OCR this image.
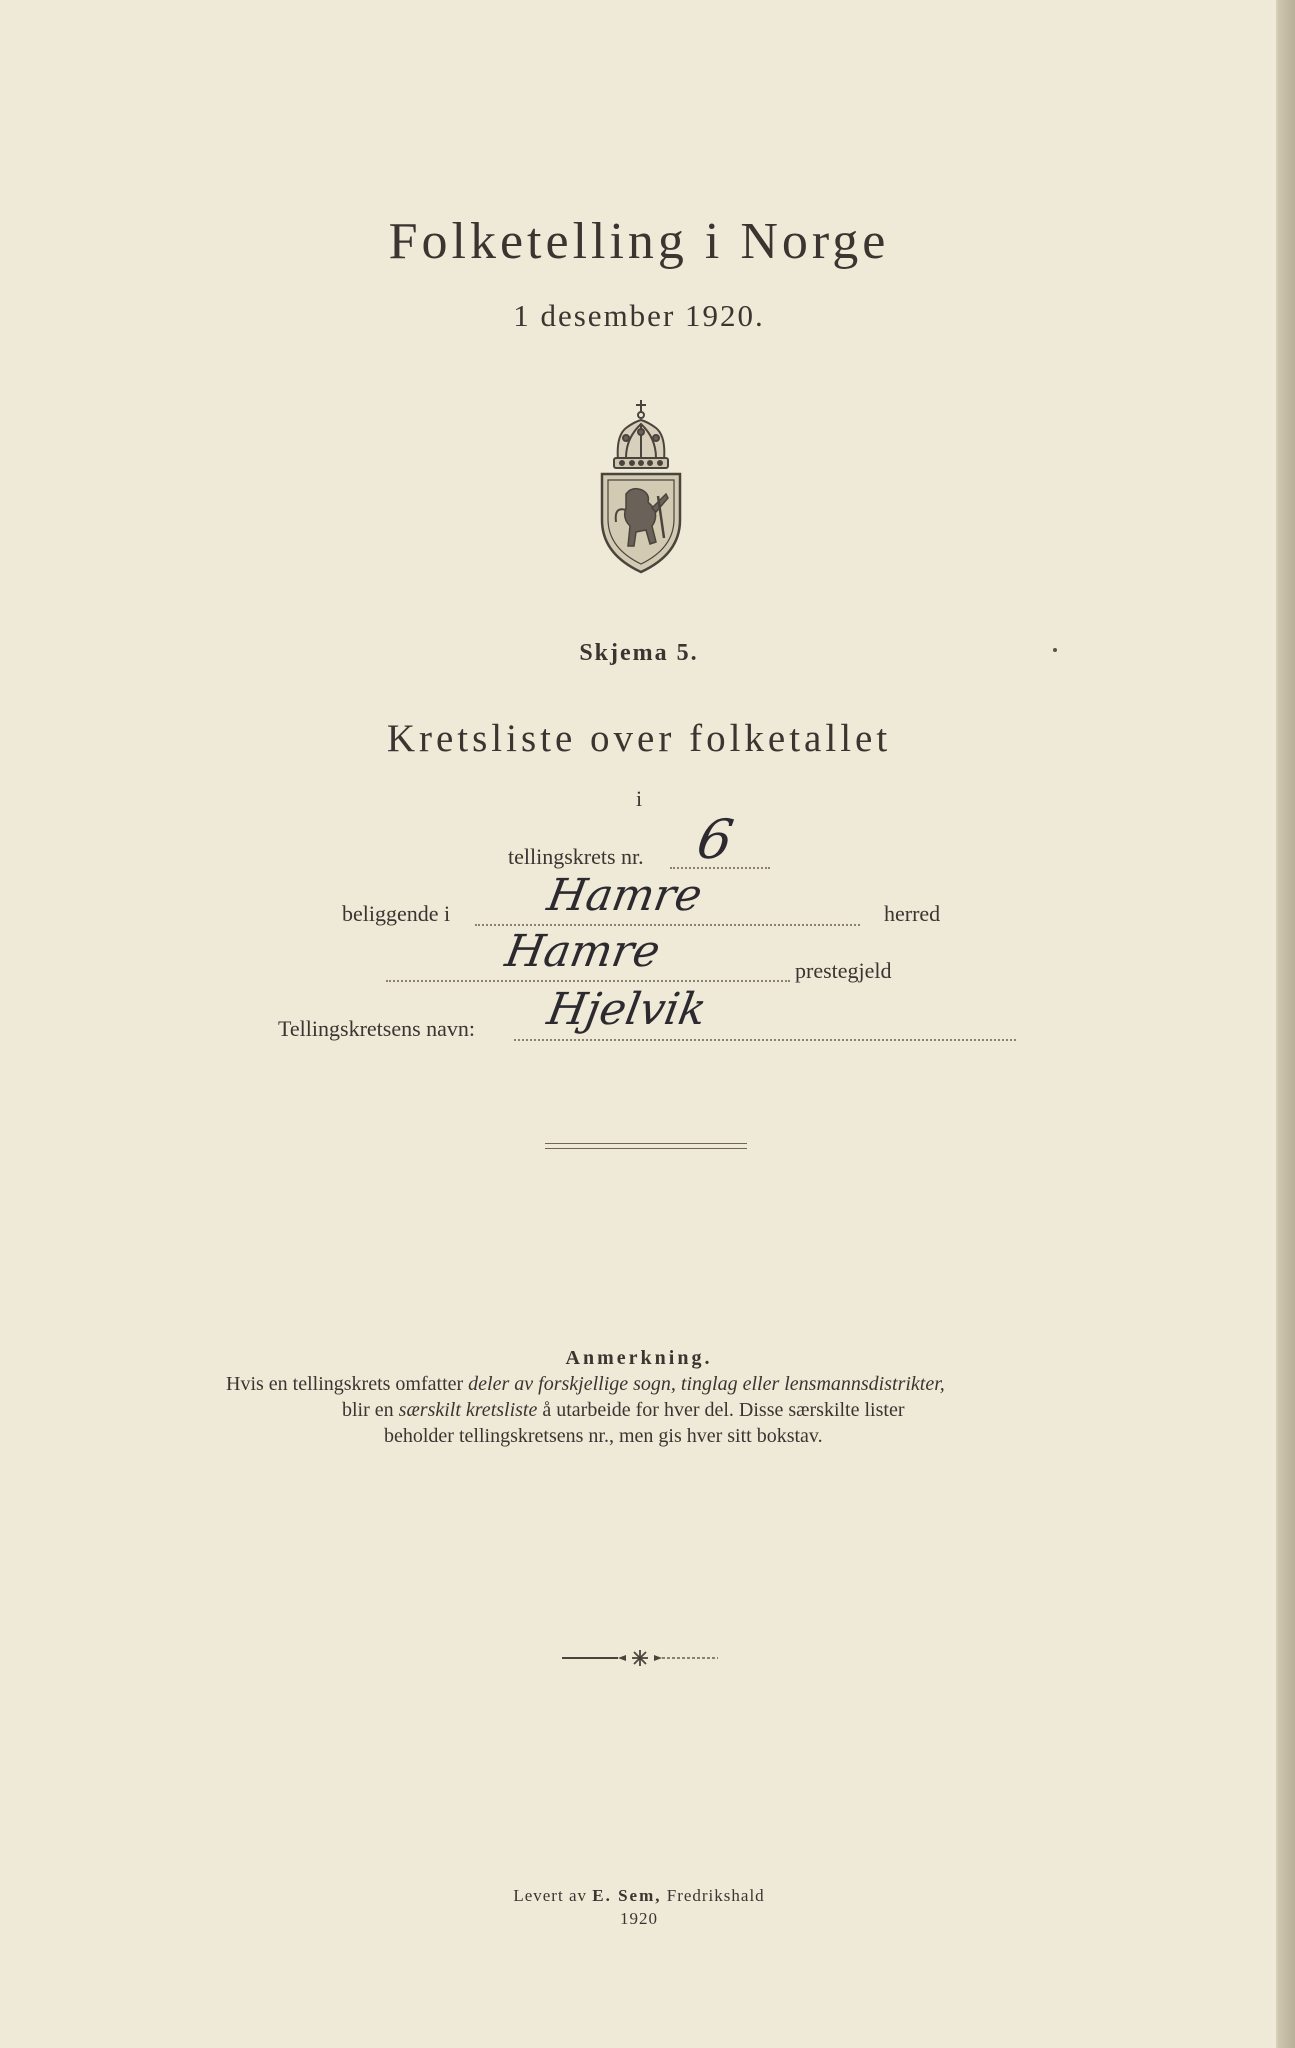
Folketelling i Norge
1 desember 1920.
Skjema 5.
Kretsliste over folketallet
i
tellingskrets nr. 6
beliggende i Hamre	herred
Hamre	prestegjeld
Tellingskretsens navn: Hjelvik
Anmerkning.
Hvis en tellingskrets omfatter deler av forskjellige sogn, tinglag eller lensmannsdistrikter,
blir en særskilt kretsliste å utarbeide for hver del. Disse særskilte lister
beholder tellingskretsens nr., men gis hver sitt bokstav.
Levert av E. Sem, Fredrikshald
1920
